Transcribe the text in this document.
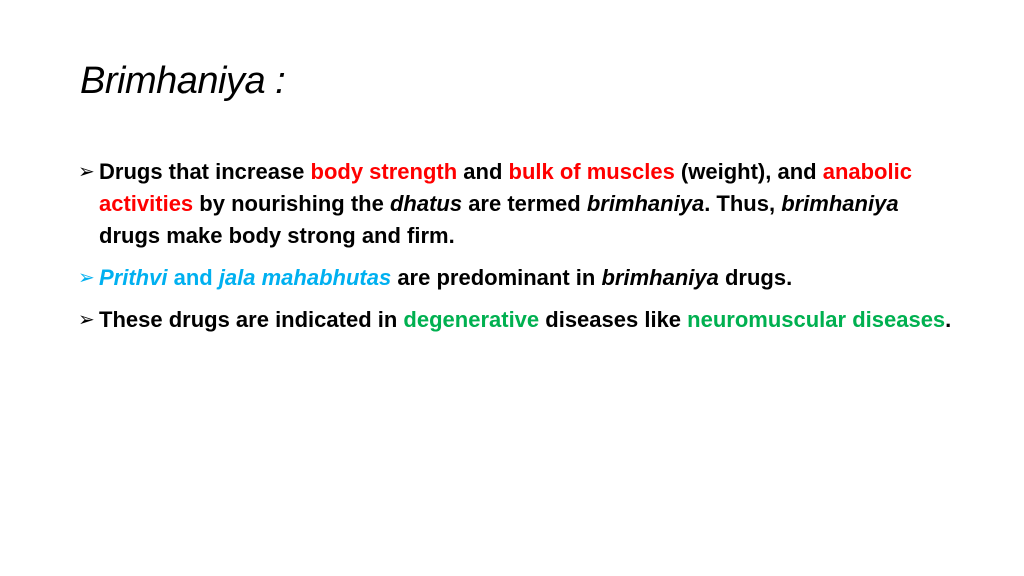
Brimhaniya :
➢ Drugs that increase body strength and bulk of muscles (weight), and anabolic activities by nourishing the dhatus are termed brimhaniya. Thus, brimhaniya drugs make body strong and firm.
➢ Prithvi and jala mahabhutas are predominant in brimhaniya drugs.
➢ These drugs are indicated in degenerative diseases like neuromuscular diseases.
